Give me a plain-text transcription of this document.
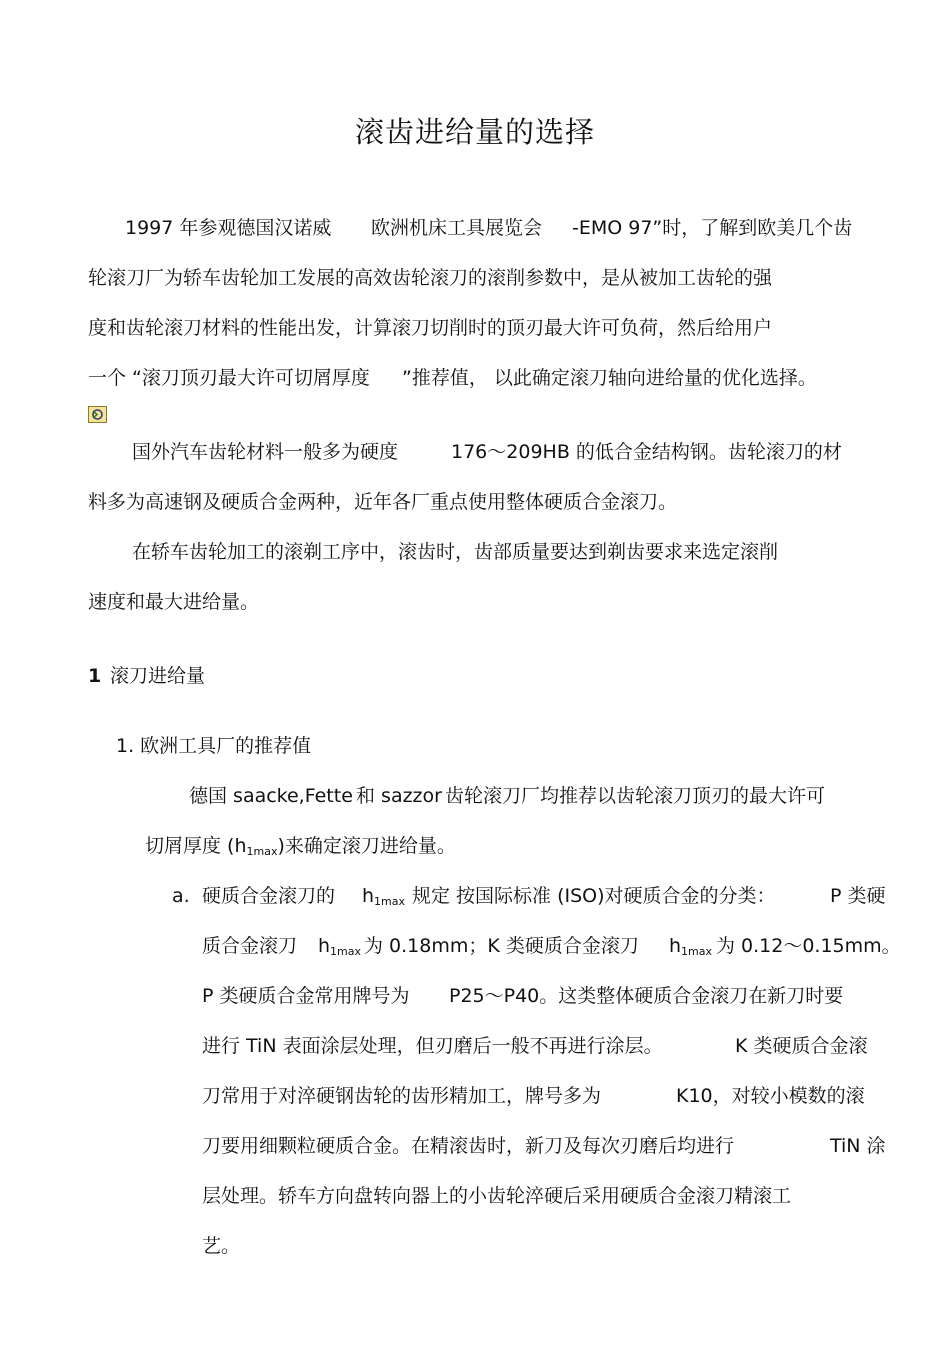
滚齿进给量的选择
1997 年参观德国汉诺威 欧洲机床工具展览会 -EMO 97”时，了解到欧美几个齿
轮滚刀厂为轿车齿轮加工发展的高效齿轮滚刀的滚削参数中，是从被加工齿轮的强
度和齿轮滚刀材料的性能出发，计算滚刀切削时的顶刃最大许可负荷，然后给用户
一个 “滚刀顶刃最大许可切屑厚度 ”推荐值， 以此确定滚刀轴向进给量的优化选择。
国外汽车齿轮材料一般多为硬度	176～209HB 的低合金结构钢。齿轮滚刀的材
料多为高速钢及硬质合金两种，近年各厂重点使用整体硬质合金滚刀。
在轿车齿轮加工的滚剃工序中，滚齿时，齿部质量要达到剃齿要求来选定滚削
速度和最大进给量。
1 滚刀进给量
1. 欧洲工具厂的推荐值
德国 saacke,Fette 和 sazzor 齿轮滚刀厂均推荐以齿轮滚刀顶刃的最大许可
切屑厚度 $(h_{1max})$来确定滚刀进给量。
a. 硬质合金滚刀的 $h_{1max}$ 规定 按国际标准 (ISO)对硬质合金的分类：	P 类硬
质合金滚刀 $h_{1max}$ 为 0.18mm；K 类硬质合金滚刀 $h_{1max}$ 为 0.12～0.15mm。
P 类硬质合金常用牌号为 P25～P40。这类整体硬质合金滚刀在新刀时要
进行 TiN 表面涂层处理，但刃磨后一般不再进行涂层。	K 类硬质合金滚
刀常用于对淬硬钢齿轮的齿形精加工，牌号多为	K10，对较小模数的滚
刀要用细颗粒硬质合金。在精滚齿时，新刀及每次刃磨后均进行	TiN 涂
层处理。轿车方向盘转向器上的小齿轮淬硬后采用硬质合金滚刀精滚工
艺。
